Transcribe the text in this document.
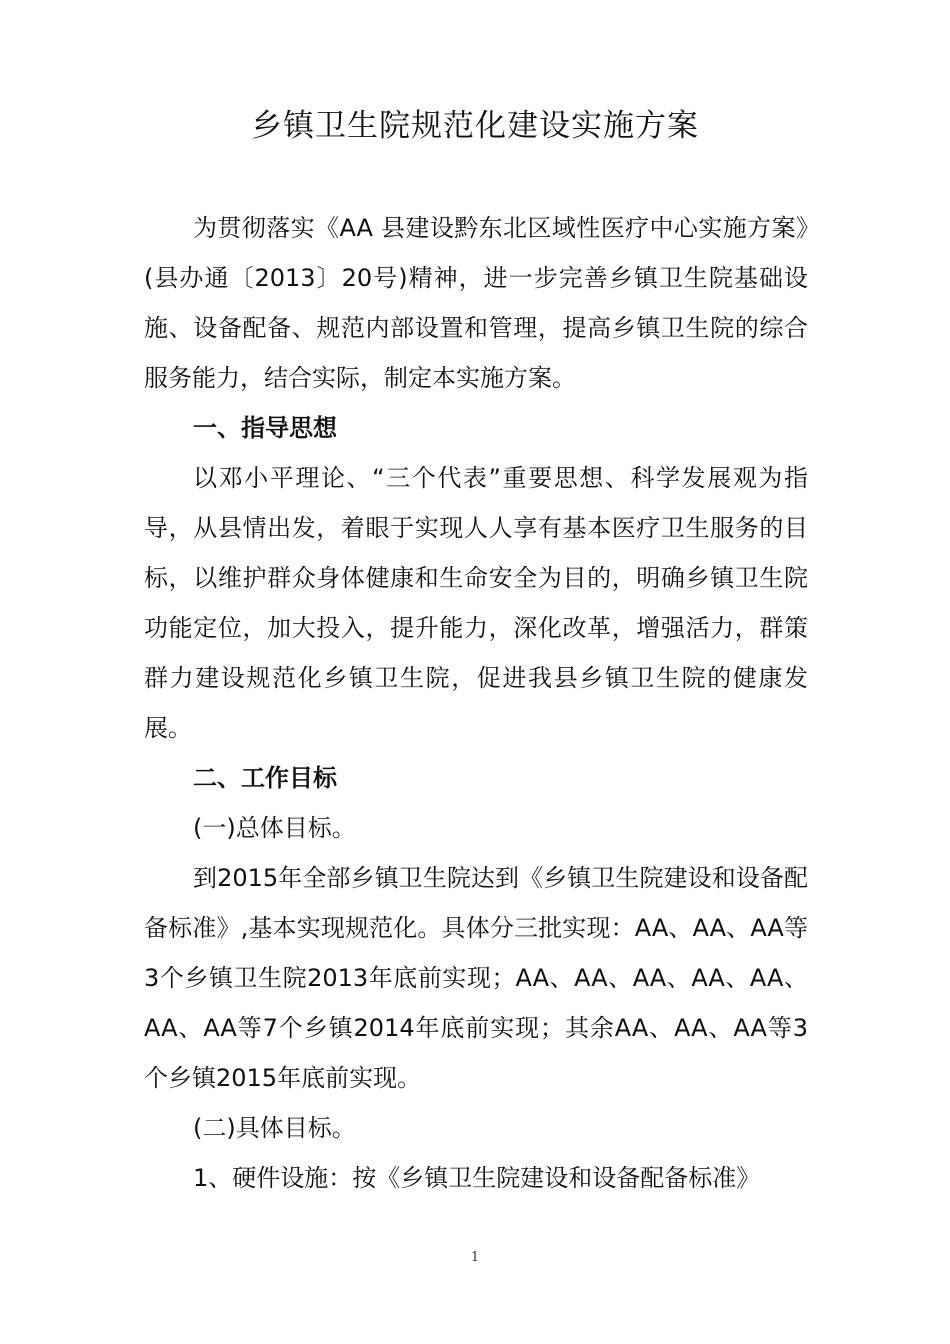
乡镇卫生院规范化建设实施方案

为贯彻落实《AA 县建设黔东北区域性医疗中心实施方案》(县办通〔2013〕20号)精神，进一步完善乡镇卫生院基础设施、设备配备、规范内部设置和管理，提高乡镇卫生院的综合服务能力，结合实际，制定本实施方案。

一、指导思想

以邓小平理论、“三个代表”重要思想、科学发展观为指导，从县情出发，着眼于实现人人享有基本医疗卫生服务的目标，以维护群众身体健康和生命安全为目的，明确乡镇卫生院功能定位，加大投入，提升能力，深化改革，增强活力，群策群力建设规范化乡镇卫生院，促进我县乡镇卫生院的健康发展。

二、工作目标

(一)总体目标。

到2015年全部乡镇卫生院达到《乡镇卫生院建设和设备配备标准》,基本实现规范化。具体分三批实现：AA、AA、AA等3个乡镇卫生院2013年底前实现；AA、AA、AA、AA、AA、AA、AA等7个乡镇2014年底前实现；其余AA、AA、AA等3个乡镇2015年底前实现。

(二)具体目标。

1、硬件设施：按《乡镇卫生院建设和设备配备标准》

1
